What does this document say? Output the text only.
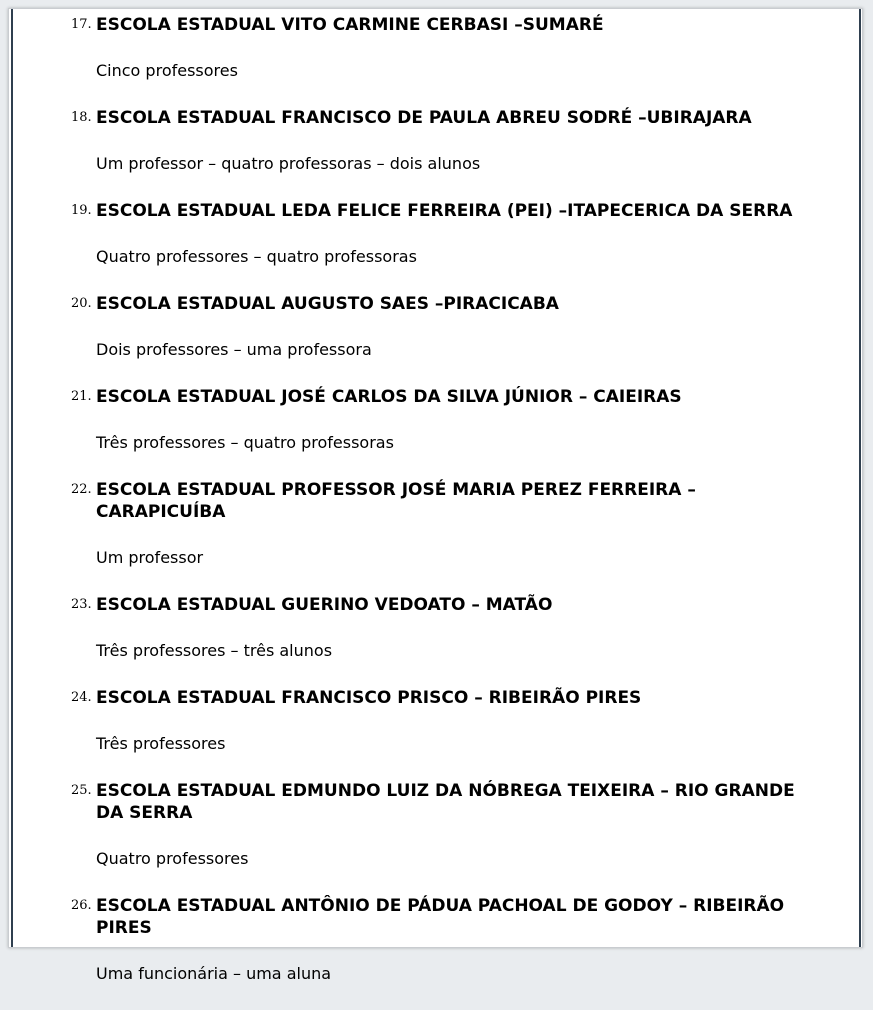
17. ESCOLA ESTADUAL VITO CARMINE CERBASI –SUMARÉ

Cinco professores

18. ESCOLA ESTADUAL FRANCISCO DE PAULA ABREU SODRÉ –UBIRAJARA

Um professor – quatro professoras – dois alunos

19. ESCOLA ESTADUAL LEDA FELICE FERREIRA (PEI) –ITAPECERICA DA SERRA

Quatro professores – quatro professoras

20. ESCOLA ESTADUAL AUGUSTO SAES –PIRACICABA

Dois professores – uma professora

21. ESCOLA ESTADUAL JOSÉ CARLOS DA SILVA JÚNIOR – CAIEIRAS

Três professores – quatro professoras

22. ESCOLA ESTADUAL PROFESSOR JOSÉ MARIA PEREZ FERREIRA – CARAPICUÍBA

Um professor

23. ESCOLA ESTADUAL GUERINO VEDOATO – MATÃO

Três professores – três alunos

24. ESCOLA ESTADUAL FRANCISCO PRISCO – RIBEIRÃO PIRES

Três professores

25. ESCOLA ESTADUAL EDMUNDO LUIZ DA NÓBREGA TEIXEIRA – RIO GRANDE DA SERRA

Quatro professores

26. ESCOLA ESTADUAL ANTÔNIO DE PÁDUA PACHOAL DE GODOY – RIBEIRÃO PIRES

Uma funcionária – uma aluna
